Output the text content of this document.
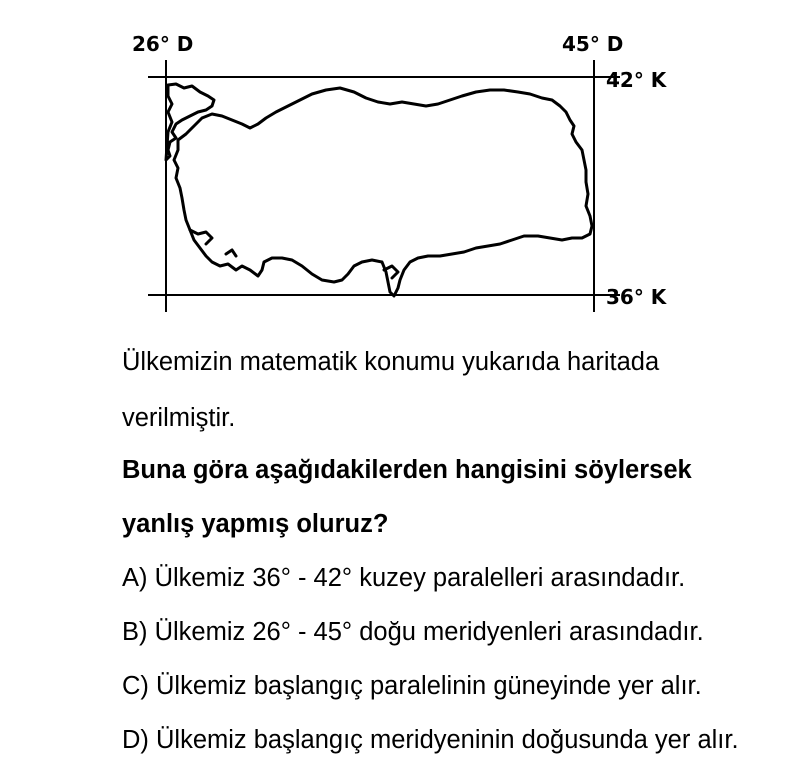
26° D	45° D
42° K
36° K
Ülkemizin matematik konumu yukarıda haritada
verilmiştir.
Buna göra aşağıdakilerden hangisini söylersek
yanlış yapmış oluruz?
A) Ülkemiz 36° - 42° kuzey paralelleri arasındadır.
B) Ülkemiz 26° - 45° doğu meridyenleri arasındadır.
C) Ülkemiz başlangıç paralelinin güneyinde yer alır.
D) Ülkemiz başlangıç meridyeninin doğusunda yer alır.
